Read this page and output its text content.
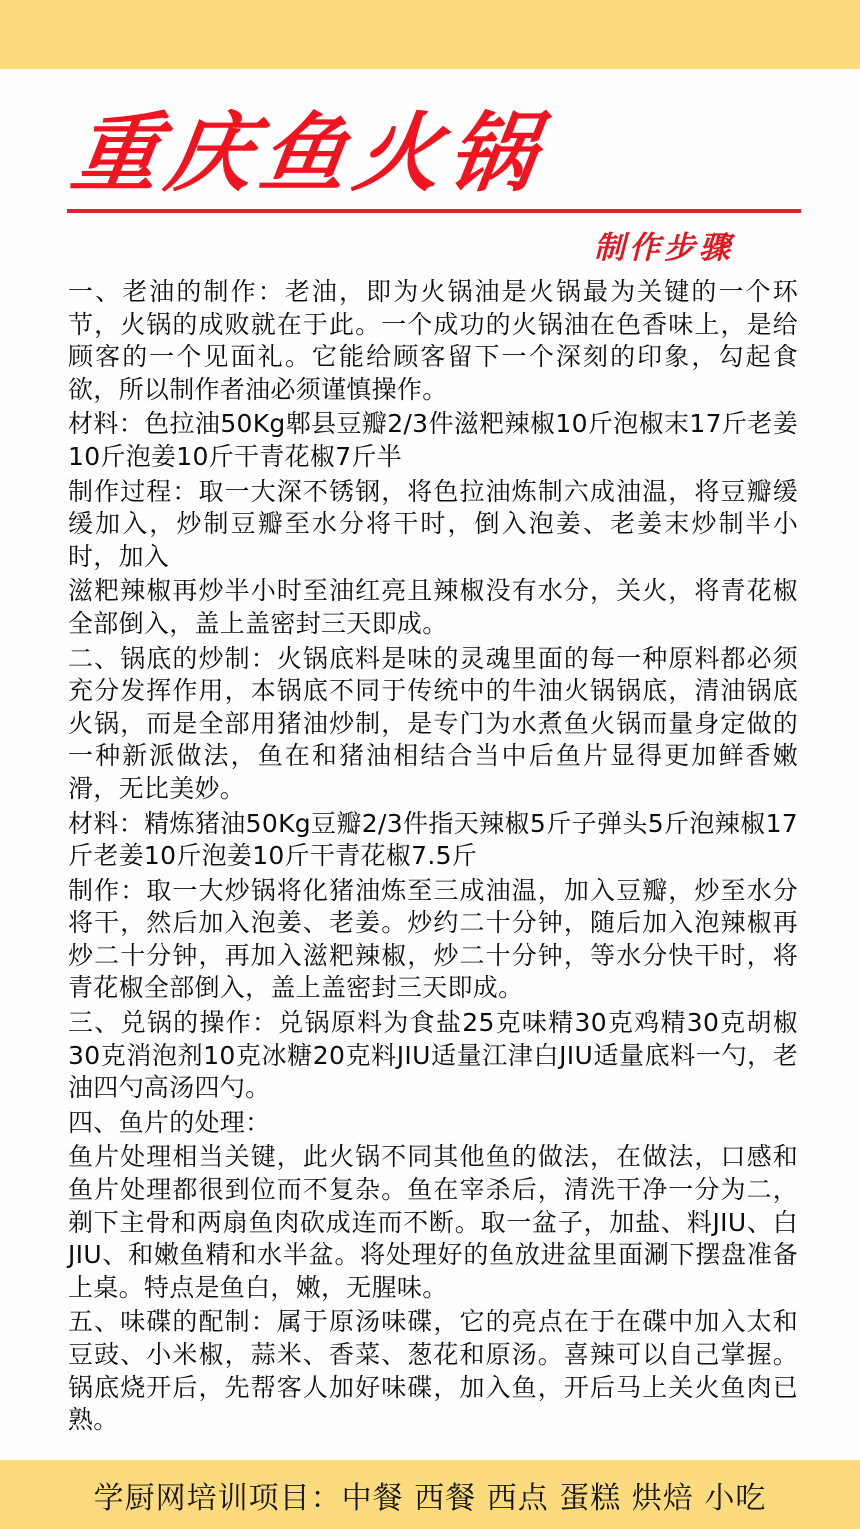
重庆鱼火锅
制作步骤

一、老油的制作：老油，即为火锅油是火锅最为关键的一个环节，火锅的成败就在于此。一个成功的火锅油在色香味上，是给顾客的一个见面礼。它能给顾客留下一个深刻的印象，勾起食欲，所以制作者油必须谨慎操作。

材料：色拉油50Kg郫县豆瓣2/3件滋粑辣椒10斤泡椒末17斤老姜10斤泡姜10斤干青花椒7斤半

制作过程：取一大深不锈钢，将色拉油炼制六成油温，将豆瓣缓缓加入，炒制豆瓣至水分将干时，倒入泡姜、老姜末炒制半小时，加入

滋粑辣椒再炒半小时至油红亮且辣椒没有水分，关火，将青花椒全部倒入，盖上盖密封三天即成。

二、锅底的炒制：火锅底料是味的灵魂里面的每一种原料都必须充分发挥作用，本锅底不同于传统中的牛油火锅锅底，清油锅底火锅，而是全部用猪油炒制，是专门为水煮鱼火锅而量身定做的一种新派做法，鱼在和猪油相结合当中后鱼片显得更加鲜香嫩滑，无比美妙。

材料：精炼猪油50Kg豆瓣2/3件指天辣椒5斤子弹头5斤泡辣椒17斤老姜10斤泡姜10斤干青花椒7.5斤

制作：取一大炒锅将化猪油炼至三成油温，加入豆瓣，炒至水分将干，然后加入泡姜、老姜。炒约二十分钟，随后加入泡辣椒再炒二十分钟，再加入滋粑辣椒，炒二十分钟，等水分快干时，将青花椒全部倒入，盖上盖密封三天即成。

三、兑锅的操作：兑锅原料为食盐25克味精30克鸡精30克胡椒30克消泡剂10克冰糖20克料JIU适量江津白JIU适量底料一勺，老油四勺高汤四勺。

四、鱼片的处理：

鱼片处理相当关键，此火锅不同其他鱼的做法，在做法，口感和鱼片处理都很到位而不复杂。鱼在宰杀后，清洗干净一分为二，剃下主骨和两扇鱼肉砍成连而不断。取一盆子，加盐、料JIU、白JIU、和嫩鱼精和水半盆。将处理好的鱼放进盆里面涮下摆盘准备上桌。特点是鱼白，嫩，无腥味。

五、味碟的配制：属于原汤味碟，它的亮点在于在碟中加入太和豆豉、小米椒，蒜米、香菜、葱花和原汤。喜辣可以自己掌握。锅底烧开后，先帮客人加好味碟，加入鱼，开后马上关火鱼肉已熟。

学厨网培训项目：中餐 西餐 西点 蛋糕 烘焙 小吃
